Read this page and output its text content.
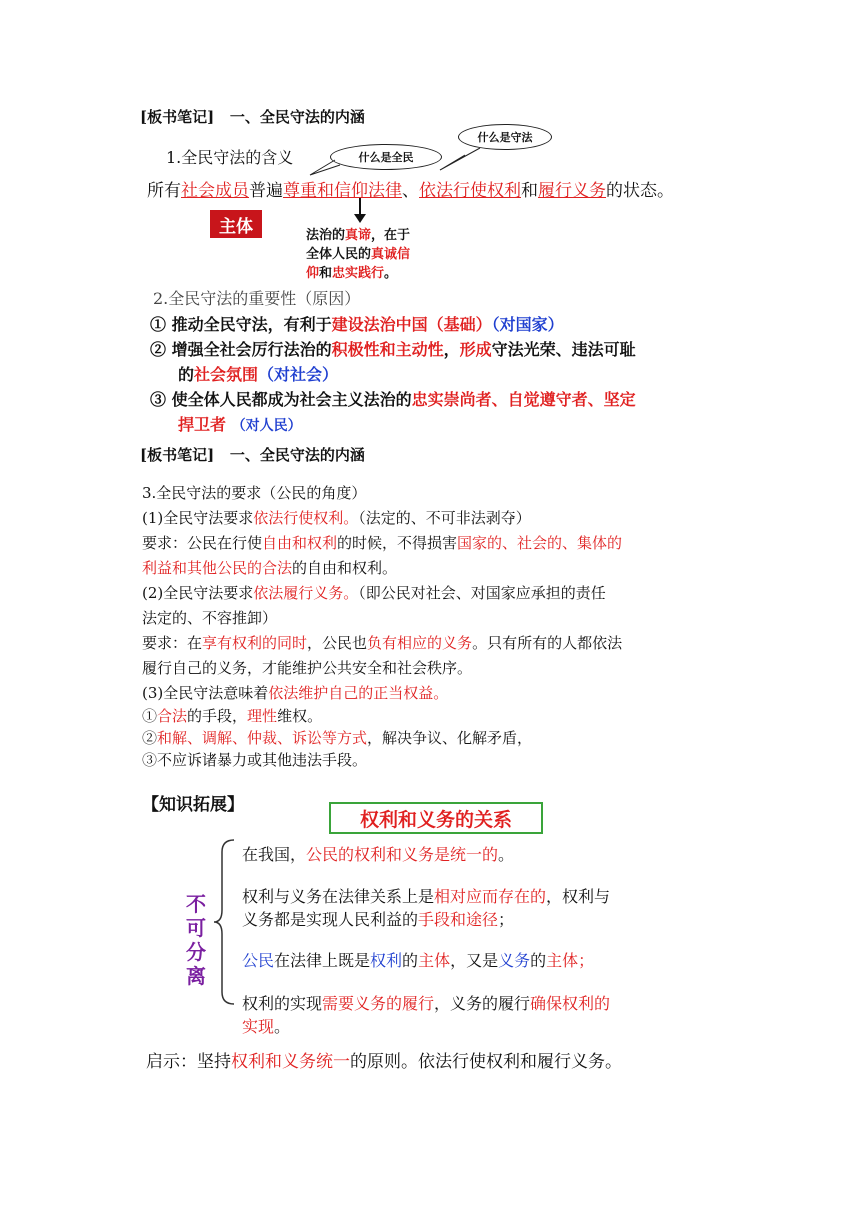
[板书笔记] 一、全民守法的内涵
1.全民守法的含义
什么是守法
什么是全民
所有社会成员普遍尊重和信仰法律、依法行使权利和履行义务的状态。
主体	法治的真谛，在于
全体人民的真诚信
仰和忠实践行。
2.全民守法的重要性（原因）
① 推动全民守法，有利于建设法治中国（基础）（对国家）
② 增强全社会厉行法治的积极性和主动性，形成守法光荣、违法可耻
的社会氛围（对社会）
③ 使全体人民都成为社会主义法治的忠实崇尚者、自觉遵守者、坚定
捍卫者 （对人民）
[板书笔记] 一、全民守法的内涵
3.全民守法的要求（公民的角度）
(1)全民守法要求依法行使权利。（法定的、不可非法剥夺）
要求：公民在行使自由和权利的时候，不得损害国家的、社会的、集体的
利益和其他公民的合法的自由和权利。
(2)全民守法要求依法履行义务。（即公民对社会、对国家应承担的责任
法定的、不容推卸）
要求：在享有权利的同时，公民也负有相应的义务。只有所有的人都依法
履行自己的义务，才能维护公共安全和社会秩序。
(3)全民守法意味着依法维护自己的正当权益。
①合法的手段，理性维权。
②和解、调解、仲裁、诉讼等方式，解决争议、化解矛盾，
③不应诉诸暴力或其他违法手段。
【知识拓展】
权利和义务的关系
不
可
分
离
在我国，公民的权利和义务是统一的。
权利与义务在法律关系上是相对应而存在的，权利与
义务都是实现人民利益的手段和途径；
公民在法律上既是权利的主体，又是义务的主体；
权利的实现需要义务的履行，义务的履行确保权利的
实现。
启示：坚持权利和义务统一的原则。依法行使权利和履行义务。
